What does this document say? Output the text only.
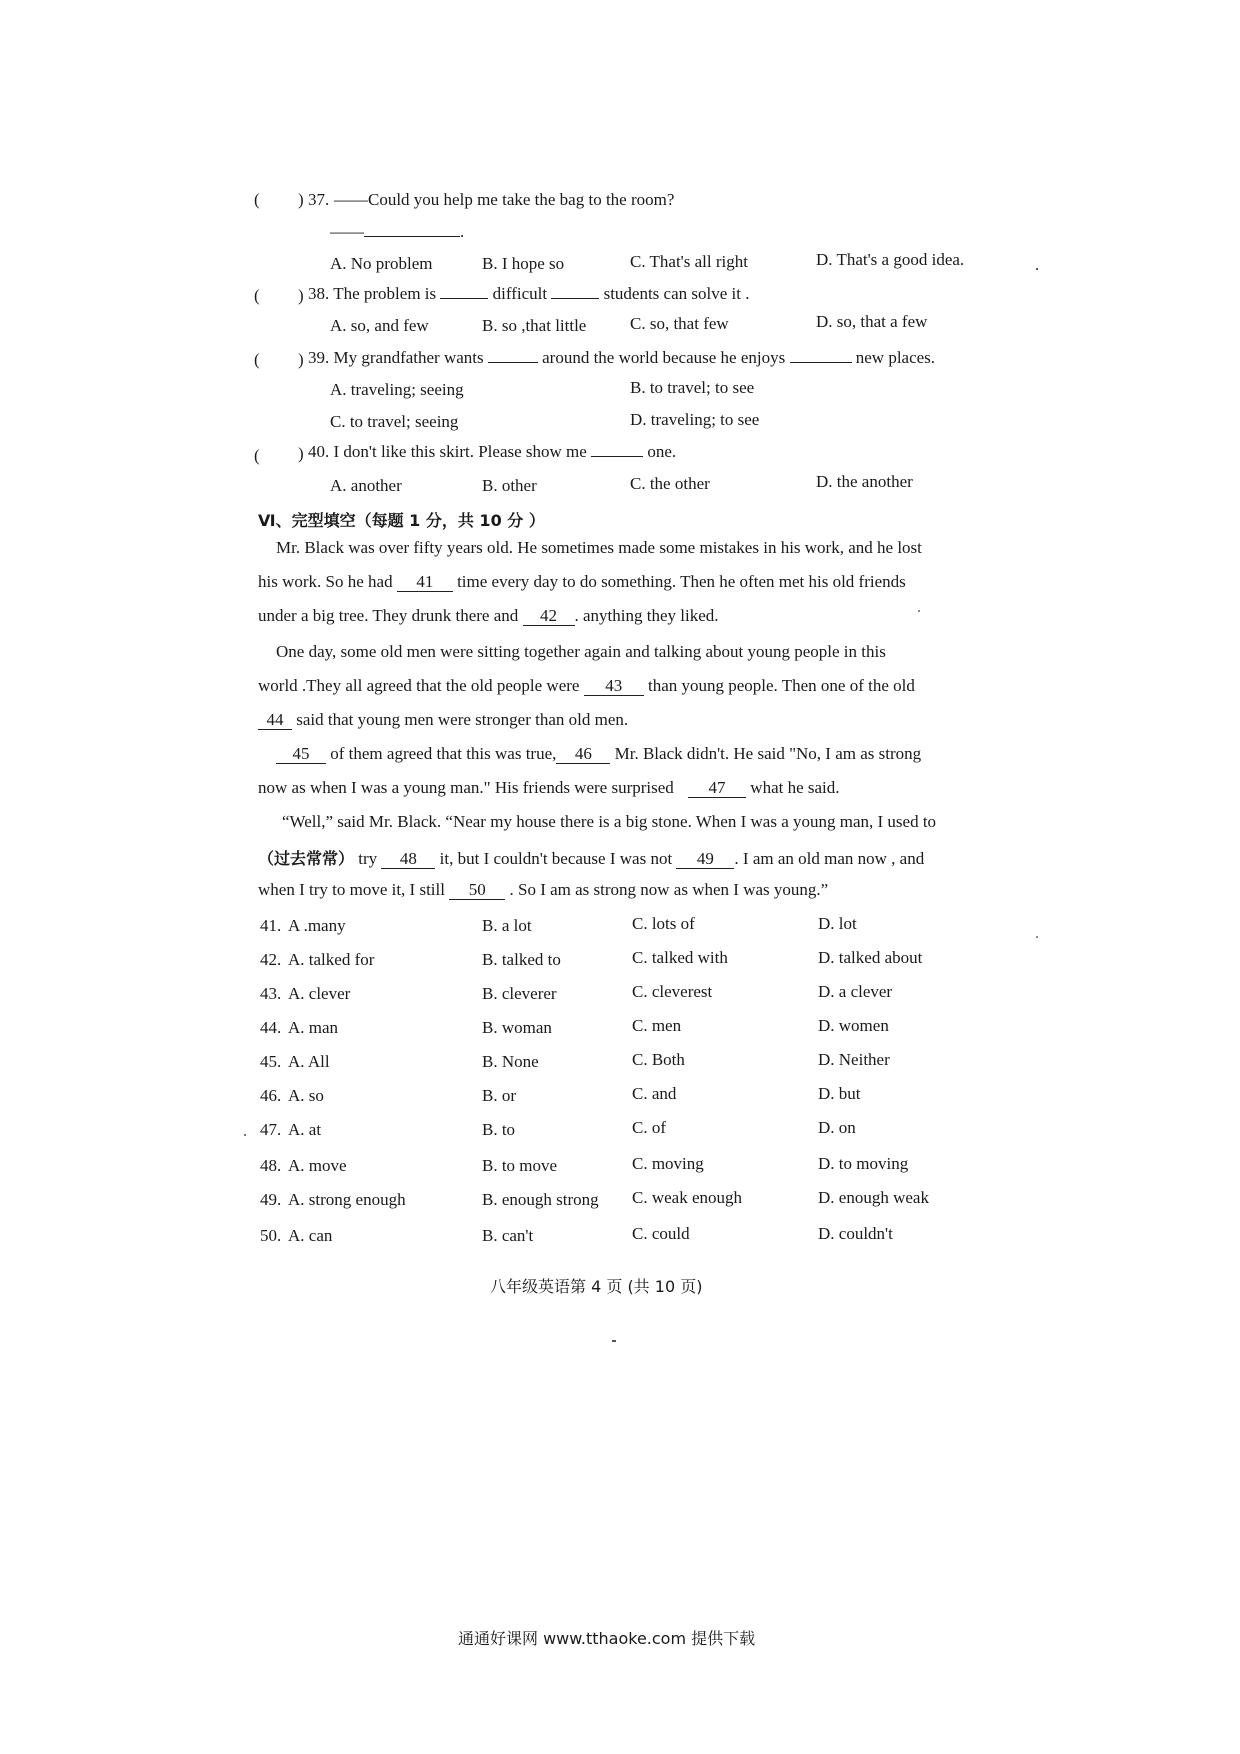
( ) 37. ——Could you help me take the bag to the room?
——	.
A. No problem	B. I hope so	C. That's all right	D. That's a good idea.
( ) 38. The problem is	difficult	students can solve it .
A. so, and few	B. so ,that little	C. so, that few	D. so, that a few
( ) 39. My grandfather wants	around the world because he enjoys	new places.
A. traveling; seeing	B. to travel; to see
C. to travel; seeing	D. traveling; to see
( ) 40. I don't like this skirt. Please show me	one.
A. another	B. other	C. the other	D. the another
Ⅵ、完型填空（每题 1 分，共 10 分 ）
Mr. Black was over fifty years old. He sometimes made some mistakes in his work, and he lost
his work. So he had 41 time every day to do something. Then he often met his old friends
under a big tree. They drunk there and 42 . anything they liked.
One day, some old men were sitting together again and talking about young people in this
world .They all agreed that the old people were 43 than young people. Then one of the old
44 said that young men were stronger than old men.
45 of them agreed that this was true, 46 Mr. Black didn't. He said "No, I am as strong
now as when I was a young man." His friends were surprised 47 what he said.
“Well,” said Mr. Black. “Near my house there is a big stone. When I was a young man, I used to
（过去常常） try 48 it, but I couldn't because I was not 49 . I am an old man now , and
when I try to move it, I still 50 . So I am as strong now as when I was young.”
41. A .many	B. a lot	C. lots of	D. lot
42. A. talked for	B. talked to	C. talked with	D. talked about
43. A. clever	B. cleverer	C. cleverest	D. a clever
44. A. man	B. woman	C. men	D. women
45. A. All	B. None	C. Both	D. Neither
46. A. so	B. or	C. and	D. but
47. A. at	B. to	C. of	D. on
48. A. move	B. to move	C. moving	D. to moving
49. A. strong enough	B. enough strong C. weak enough	D. enough weak
50. A. can	B. can't	C. could	D. couldn't
八年级英语第 4 页 (共 10 页)
通通好课网 www.tthaoke.com 提供下载
